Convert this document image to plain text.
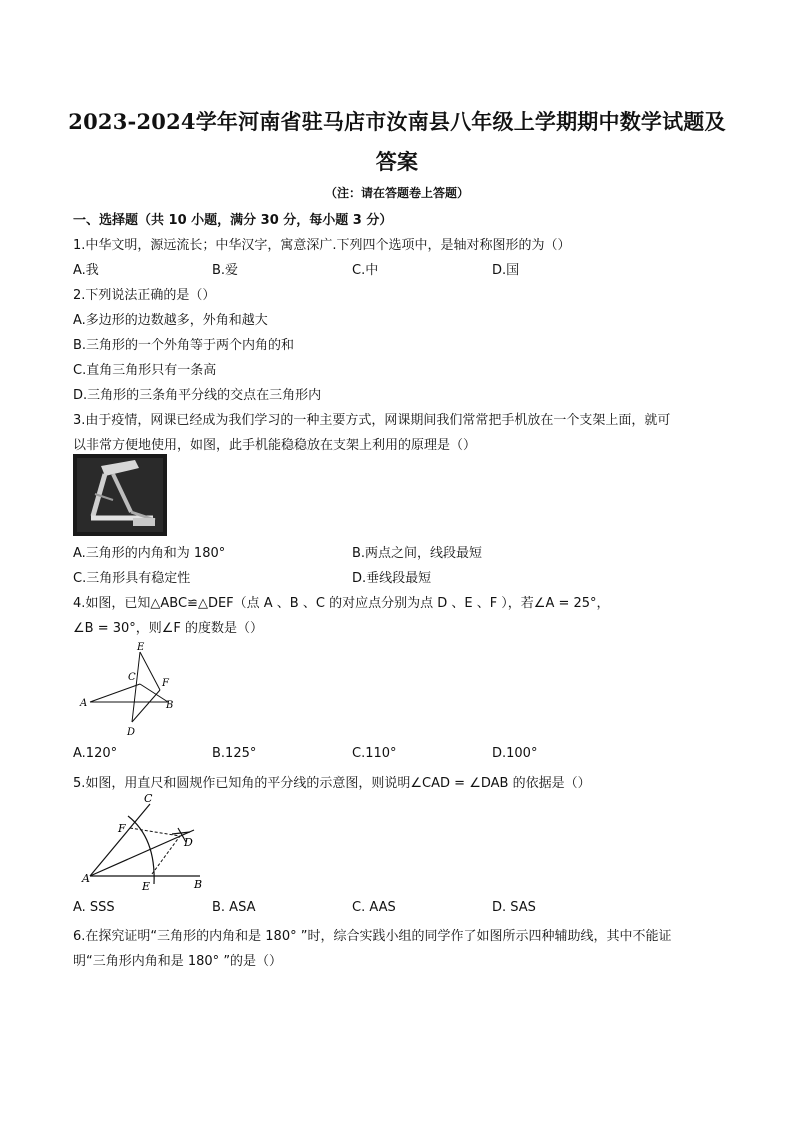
2023-2024学年河南省驻马店市汝南县八年级上学期期中数学试题及
答案
（注：请在答题卷上答题）
一、选择题（共 10 小题，满分 30 分，每小题 3 分）
1.中华文明，源远流长；中华汉字，寓意深广.下列四个选项中，是轴对称图形的为（）
A.我	B.爱	C.中	D.国
2.下列说法正确的是（）
A.多边形的边数越多，外角和越大
B.三角形的一个外角等于两个内角的和
C.直角三角形只有一条高
D.三角形的三条角平分线的交点在三角形内
3.由于疫情，网课已经成为我们学习的一种主要方式，网课期间我们常常把手机放在一个支架上面，就可
以非常方便地使用，如图，此手机能稳稳放在支架上利用的原理是（）
A.三角形的内角和为 180°	B.两点之间，线段最短
C.三角形具有稳定性	D.垂线段最短
4.如图，已知△ABC≌△DEF（点 A 、B 、C 的对应点分别为点 D 、E 、F ），若∠A = 25°，
∠B = 30°，则∠F 的度数是（）
E
C
F
A	B
D
A.120°	B.125°	C.110°	D.100°
5.如图，用直尺和圆规作已知角的平分线的示意图，则说明∠CAD = ∠DAB 的依据是（）
C
F
D
A
E	B
A. SSS	B. ASA	C. AAS	D. SAS
6.在探究证明“三角形的内角和是 180° ”时，综合实践小组的同学作了如图所示四种辅助线，其中不能证
明“三角形内角和是 180° ”的是（）
